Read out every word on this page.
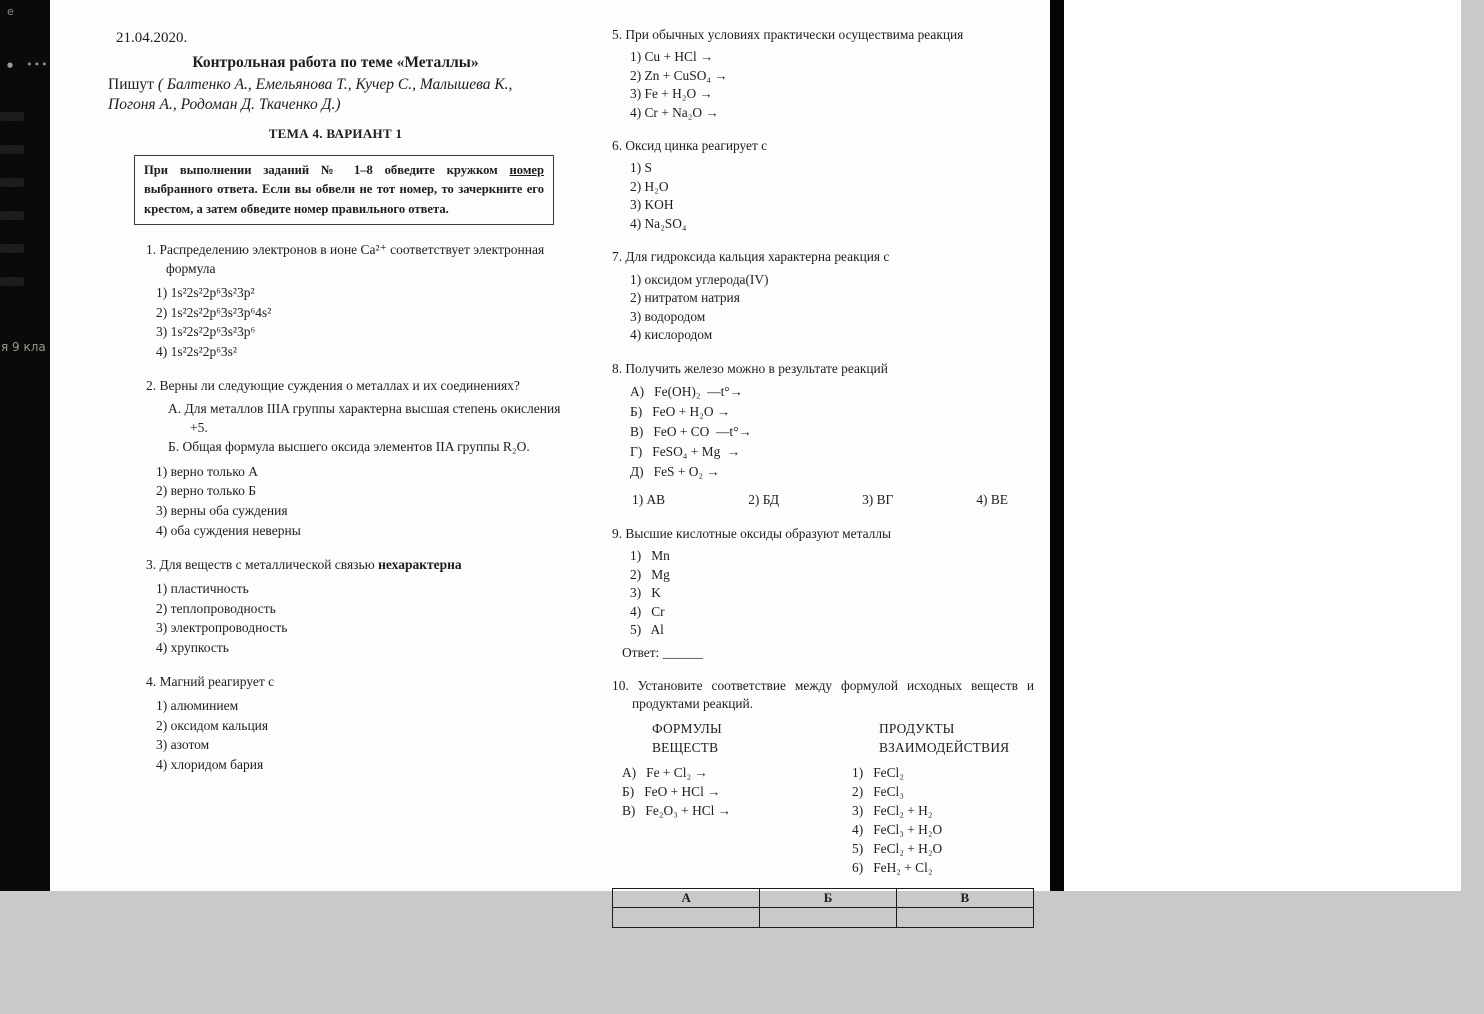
e
● •••
я 9 кла

21.04.2020.

Контрольная работа по теме «Металлы»

Пишут ( Балтенко А., Емельянова Т., Кучер С., Малышева К., Погоня А., Родоман Д. Ткаченко Д.)

ТЕМА 4. ВАРИАНТ 1

При выполнении заданий № 1–8 обведите кружком номер выбранного ответа. Если вы обвели не тот номер, то зачеркните его крестом, а затем обведите номер правильного ответа.

1. Распределению электронов в ионе Ca²⁺ соответствует электронная формула

1) 1s²2s²2p⁶3s²3p²
2) 1s²2s²2p⁶3s²3p⁶4s²
3) 1s²2s²2p⁶3s²3p⁶
4) 1s²2s²2p⁶3s²

2. Верны ли следующие суждения о металлах и их соединениях?

А. Для металлов IIIA группы характерна высшая степень окисления +5.
Б. Общая формула высшего оксида элементов IIA группы R₂O.
1) верно только А
2) верно только Б
3) верны оба суждения
4) оба суждения неверны

3. Для веществ с металлической связью нехарактерна

1) пластичность
2) теплопроводность
3) электропроводность
4) хрупкость

4. Магний реагирует с

1) алюминием
2) оксидом кальция
3) азотом
4) хлоридом бария

5. При обычных условиях практически осуществима реакция

1) Cu + HCl →
2) Zn + CuSO₄ →
3) Fe + H₂O →
4) Cr + Na₂O →

6. Оксид цинка реагирует с

1) S
2) H₂O
3) KOH
4) Na₂SO₄

7. Для гидроксида кальция характерна реакция с

1) оксидом углерода(IV)
2) нитратом натрия
3) водородом
4) кислородом

8. Получить железо можно в результате реакций

А)   Fe(OH)₂  —t°→
Б)   FeO + H₂O →
В)   FeO + CO  —t°→
Г)   FeSO₄ + Mg  →
Д)   FeS + O₂ →
1) АВ	2) БД	3) ВГ	4) ВЕ

9. Высшие кислотные оксиды образуют металлы

1)   Mn
2)   Mg
3)   K
4)   Cr
5)   Al
Ответ: ______

10. Установите соответствие между формулой исходных веществ и продуктами реакций.

ФОРМУЛЫ
ВЕЩЕСТВ
А)   Fe + Cl₂ →
Б)   FeO + HCl →
В)   Fe₂O₃ + HCl →
ПРОДУКТЫ
ВЗАИМОДЕЙСТВИЯ
1)   FeCl₂
2)   FeCl₃
3)   FeCl₂ + H₂
4)   FeCl₃ + H₂O
5)   FeCl₂ + H₂O
6)   FeH₂ + Cl₂
А	Б	В
